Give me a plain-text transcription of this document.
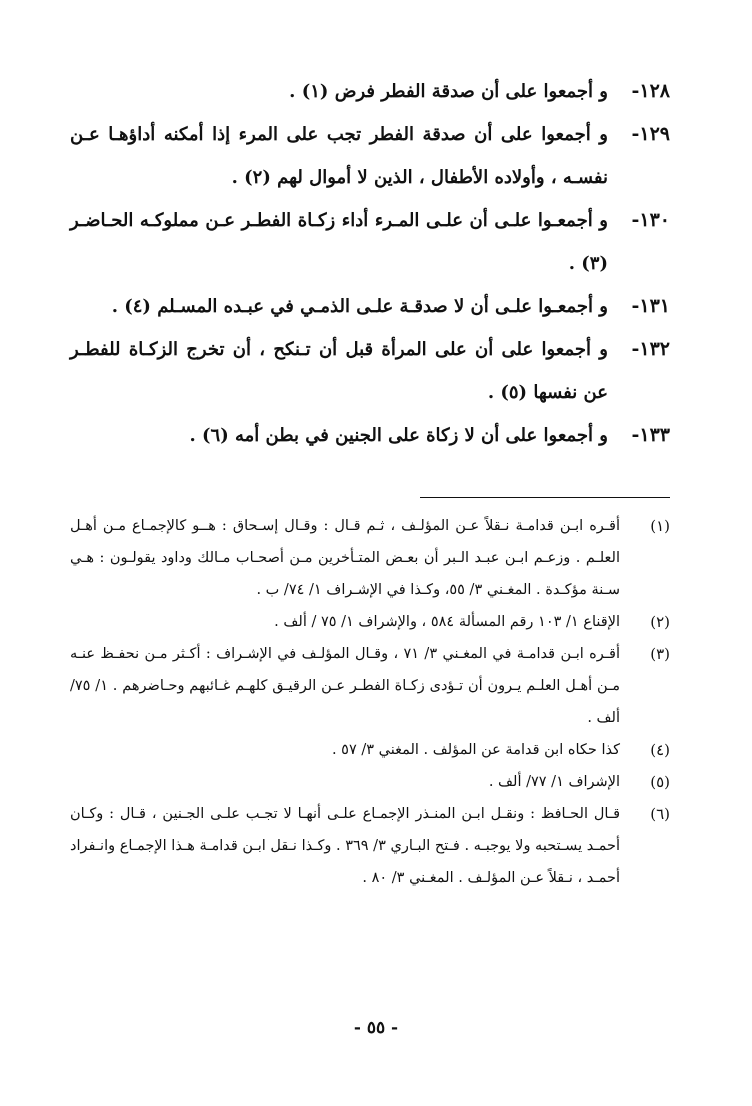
١٢٨-
و أجمعوا على أن صدقة الفطر فرض (١) .
١٢٩-
و أجمعوا على أن صدقة الفطر تجب على المرء إذا أمكنه أداؤهـا عـن نفسـه ، وأولاده الأطفال ، الذين لا أموال لهم (٢) .
١٣٠-
و أجمعـوا علـى أن علـى المـرء أداء زكـاة الفطـر عـن مملوكـه الحـاضـر (٣) .
١٣١-
و أجمعـوا علـى أن لا صدقـة علـى الذمـي في عبـده المسـلم (٤) .
١٣٢-
و أجمعوا على أن على المرأة قبل أن تـنكح ، أن تخرج الزكـاة للفطـر عن نفسها (٥) .
١٣٣-
و أجمعوا على أن لا زكاة على الجنين في بطن أمه (٦) .
(١)
أقـره ابـن قدامـة نـقلاً عـن المؤلـف ، ثـم قـال : وقـال إسـحاق : هــو كالإجمـاع مـن أهـل العلـم . وزعـم ابـن عبـد الـبر أن بعـض المتـأخرين مـن أصحـاب مـالك وداود يقولـون : هـي سـنة مؤكـدة . المغـني ٣/ ٥٥، وكـذا في الإشـراف ١/ ٧٤/ ب .
(٢)
الإقناع ١/ ١٠٣ رقم المسألة ٥٨٤ ، والإشراف ١/ ٧٥ / ألف .
(٣)
أقـره ابـن قدامـة في المغـني ٣/ ٧١ ، وقـال المؤلـف في الإشـراف : أكـثر مـن نحفـظ عنـه مـن أهـل العلـم يـرون أن تـؤدى زكـاة الفطـر عـن الرقيـق كلهـم غـائبهم وحـاضرهم . ١/ ٧٥/ ألف .
(٤)
كذا حكاه ابن قدامة عن المؤلف . المغني ٣/ ٥٧ .
(٥)
الإشراف ١/ ٧٧/ ألف .
(٦)
قـال الحـافظ : ونقـل ابـن المنـذر الإجمـاع علـى أنهـا لا تجـب علـى الجـنين ، قـال : وكـان أحمـد يسـتحبه ولا يوجبـه . فـتح البـاري ٣/ ٣٦٩ . وكـذا نـقل ابـن قدامـة هـذا الإجمـاع وانـفراد أحمـد ، نـقلاً عـن المؤلـف . المغـني ٣/ ٨٠ .
- ٥٥ -
